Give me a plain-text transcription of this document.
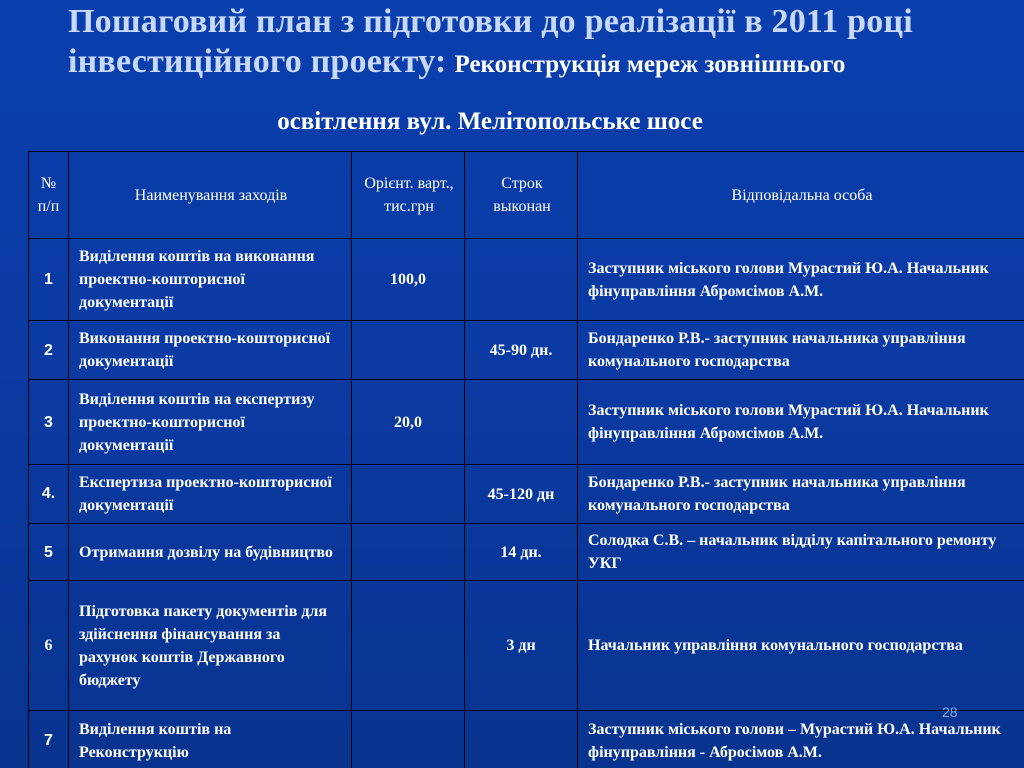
Пошаговий план з підготовки до реалізації в 2011 році
інвестиційного проекту: Реконструкція мереж зовнішнього
освітлення вул. Мелітопольське шосе
№ п/п	Наименування заходів	Орієнт. варт., тис.грн	Строк выконан	Відповідальна особа
1	Виділення коштів на виконання проектно-кошторисної документації	100,0		Заступник міського голови Мурастий Ю.А. Начальник фінуправління Абромсімов А.М.
2	Виконання проектно-кошторисної документації		45-90 дн.	Бондаренко Р.В.- заступник начальника управління комунального господарства
3	Виділення коштів на експертизу проектно-кошторисної документації	20,0		Заступник міського голови Мурастий Ю.А. Начальник фінуправління Абромсімов А.М.
4.	Експертиза проектно-кошторисної документації		45-120 дн	Бондаренко Р.В.- заступник начальника управління комунального господарства
5	Отримання дозвілу на будівництво		14 дн.	Солодка С.В. – начальник відділу капітального ремонту УКГ
6	Підготовка пакету документів для здійснення фінансування за рахунок коштів Державного бюджету		3 дн	Начальник управління комунального господарства
7	Виділення коштів на Реконструкцію			Заступник міського голови – Мурастий Ю.А. Начальник фінуправління - Абросімов А.М.
28
